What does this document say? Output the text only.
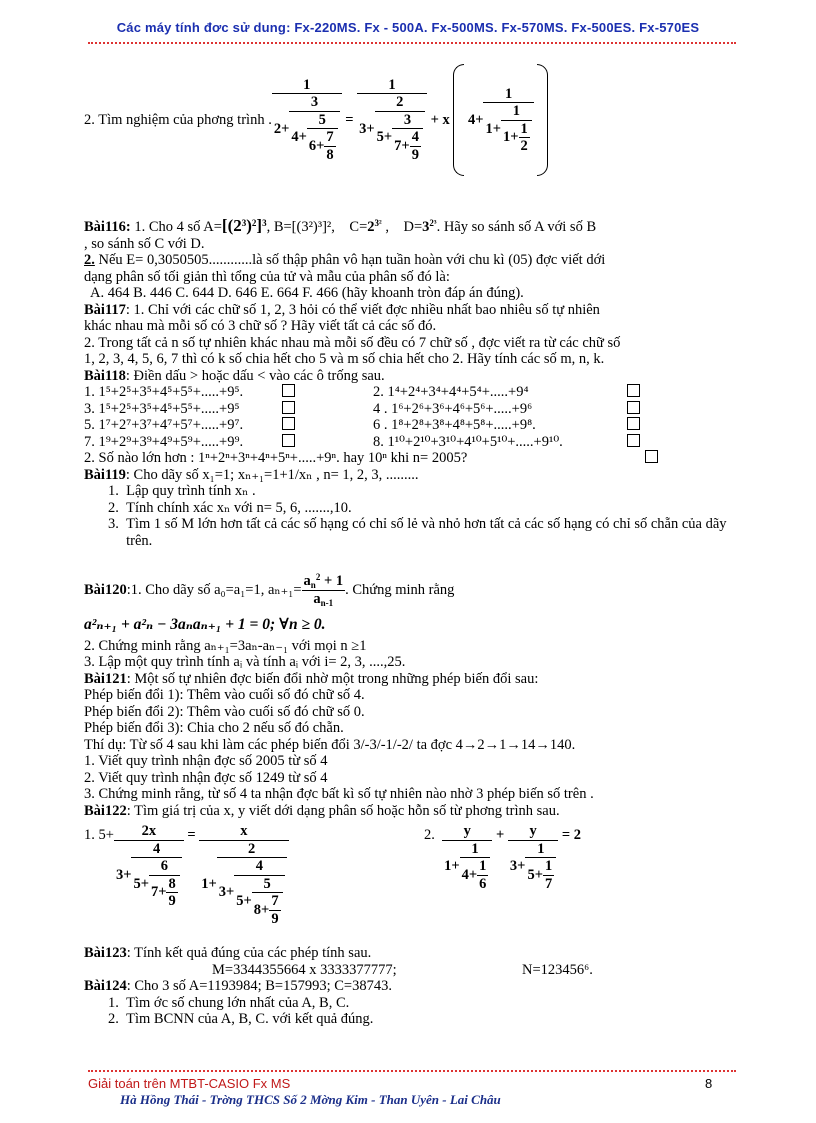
Các máy tính đơc sử dung: Fx-220MS. Fx - 500A. Fx-500MS. Fx-570MS. Fx-500ES. Fx-570ES
2. Tìm nghiệm của phơng trình . $\frac{1}{2+ \frac{3}{4+ \frac{5}{6+ \frac{7}{8}}}} = \frac{1}{3+ \frac{2}{5+ \frac{3}{7+ \frac{4}{9}}}} + x$
$4+ \frac{1}{1+ \frac{1}{1+ \frac{1}{2}}}$

Bài116: 1. Cho 4 số $A=[(2^3)^2]^3$, B=[(3²)³]²,    $C=2^{3^2}$ ,    $D=3^{2^3}$. Hãy so sánh số A với số B
, so sánh số C với D.
2. Nếu E= 0,3050505............là số thập phân vô hạn tuần hoàn với chu kì (05) đợc viết dới
dạng phân số tối giản thì tổng của tử và mẫu của phân số đó là:
A. 464 B. 446 C. 644 D. 646 E. 664 F. 466 (hãy khoanh tròn đáp án đúng).
Bài117: 1. Chỉ với các chữ số 1, 2, 3 hỏi có thể viết đợc nhiều nhất bao nhiêu số tự nhiên
khác nhau mà mỗi số có 3 chữ số ? Hãy viết tất cả các số đó.
2. Trong tất cả n số tự nhiên khác nhau mà mỗi số đều có 7 chữ số , đợc viết ra từ các chữ số
1, 2, 3, 4, 5, 6, 7 thì có k số chia hết cho 5 và m số chia hết cho 2. Hãy tính các số m, n, k.
Bài118: Điền dấu > hoặc dấu < vào các ô trống sau.
1. 1⁵+2⁵+3⁵+4⁵+5⁵+.....+9⁵.	2. 1⁴+2⁴+3⁴+4⁴+5⁴+.....+9⁴
3. 1⁵+2⁵+3⁵+4⁵+5⁵+.....+9⁵	4 . 1⁶+2⁶+3⁶+4⁶+5⁶+.....+9⁶
5. 1⁷+2⁷+3⁷+4⁷+5⁷+.....+9⁷.	6 . 1⁸+2⁸+3⁸+4⁸+5⁸+.....+9⁸.
7. 1⁹+2⁹+3⁹+4⁹+5⁹+.....+9⁹.	8. 1¹⁰+2¹⁰+3¹⁰+4¹⁰+5¹⁰+.....+9¹⁰.
2. Số nào lớn hơn : 1ⁿ+2ⁿ+3ⁿ+4ⁿ+5ⁿ+.....+9ⁿ. hay 10ⁿ khi n= 2005?
Bài119: Cho dãy số x₁=1; xₙ₊₁=1+1/xₙ , n= 1, 2, 3, .........
1.  Lập quy trình tính xₙ .
2.  Tính chính xác xₙ với n= 5, 6, .......,10.
3. Tìm 1 số M lớn hơn tất cả các số hạng có chỉ số lẻ và nhỏ hơn tất cả các số hạng có chỉ số chẵn của dãy trên.
Bài120 :1. Cho dãy số a₀=a₁=1, $a_{n+1}= \frac{a_n^2 + 1}{a_{n-1}}$ . Chứng minh rằng
a²ₙ₊₁ + a²ₙ − 3aₙaₙ₊₁ + 1 = 0; ∀n ≥ 0.
2. Chứng minh rằng aₙ₊₁=3aₙ-aₙ₋₁ với mọi n ≥1
3. Lập một quy trình tính aᵢ và tính aᵢ với i= 2, 3, ....,25.
Bài121: Một số tự nhiên đợc biến đổi nhờ một trong những phép biến đổi sau:
Phép biến đổi 1): Thêm vào cuối số đó chữ số 4.
Phép biến đổi 2): Thêm vào cuối số đó chữ số 0.
Phép biến đổi 3): Chia cho 2 nếu số đó chẵn.
Thí dụ: Từ số 4 sau khi làm các phép biến đổi 3/-3/-1/-2/ ta đợc 4→2→1→14→140.
1. Viết quy trình nhận đợc số 2005 từ số 4
2. Viết quy trình nhận đợc số 1249 từ số 4
3. Chứng minh rằng, từ số 4 ta nhận đợc bất kì số tự nhiên nào nhờ 3 phép biến số trên .
Bài122: Tìm giá trị của x, y viết dới dạng phân số hoặc hỗn số từ phơng trình sau.
1. $5+ \frac{2x}{3+ \frac{4}{5+ \frac{6}{7+ \frac{8}{9}}}} = \frac{x}{1+ \frac{2}{3+ \frac{4}{5+ \frac{5}{8+ \frac{7}{9}}}}}$	2.
$\frac{y}{1+ \frac{1}{4+ \frac{1}{6}}} + \frac{y}{3+ \frac{1}{5+ \frac{1}{7}}} = 2$
Bài123: Tính kết quả đúng của các phép tính sau.
M=3344355664 x 3333377777;	N=123456⁶.
Bài124: Cho 3 số A=1193984; B=157993; C=38743.
1.  Tìm ớc số chung lớn nhất của A, B, C.
2.  Tìm BCNN của A, B, C. với kết quả đúng.
Giải toán trên MTBT-CASIO Fx MS	8
Hà Hồng Thái - Trờng THCS Số 2 Mờng Kim - Than Uyên - Lai Châu
